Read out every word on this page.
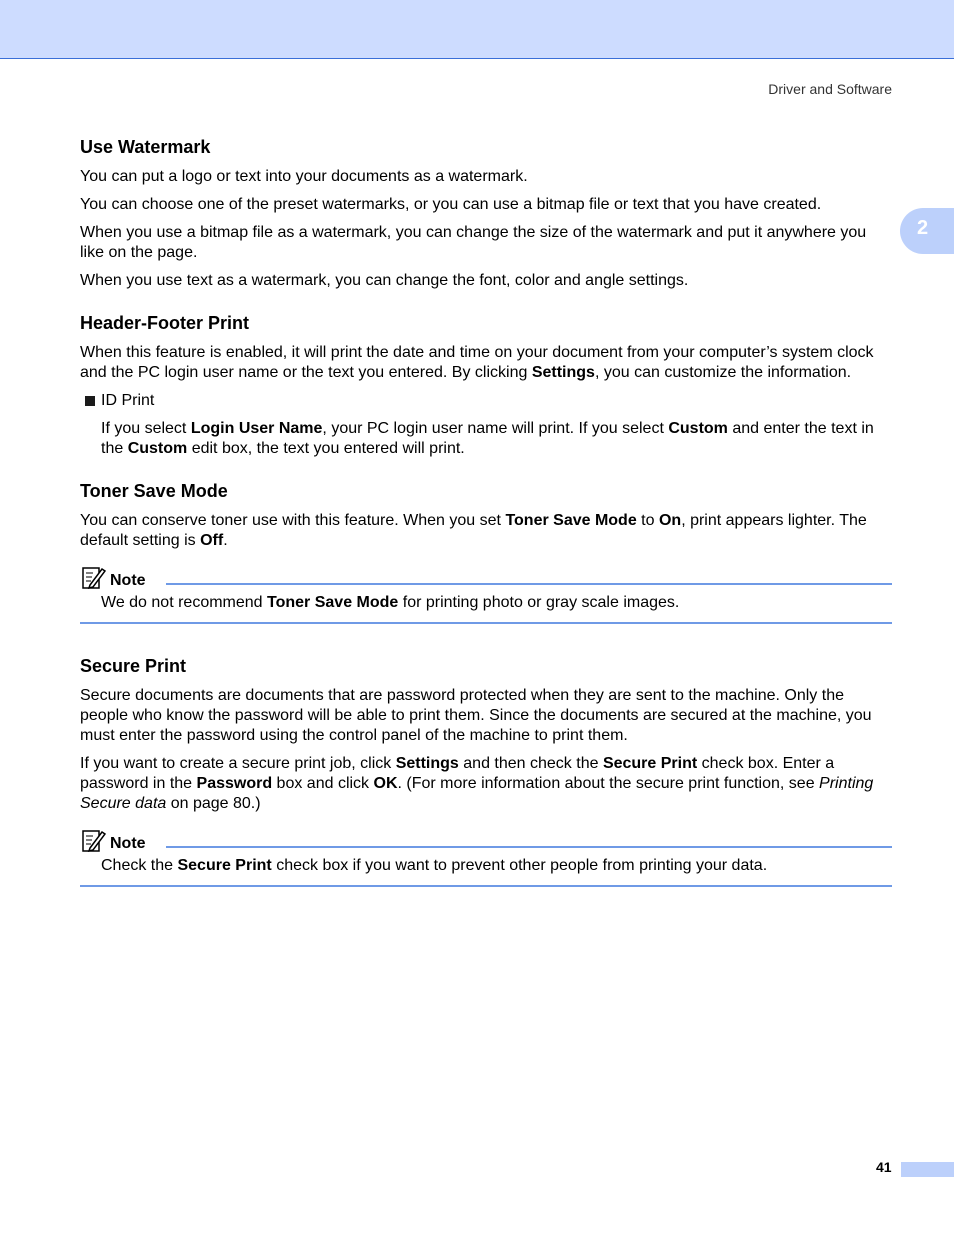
Driver and Software
2
Use Watermark

You can put a logo or text into your documents as a watermark.

You can choose one of the preset watermarks, or you can use a bitmap file or text that you have created.

When you use a bitmap file as a watermark, you can change the size of the watermark and put it anywhere you like on the page.

When you use text as a watermark, you can change the font, color and angle settings.

Header-Footer Print

When this feature is enabled, it will print the date and time on your document from your computer’s system clock and the PC login user name or the text you entered. By clicking Settings, you can customize the information.

ID Print

If you select Login User Name, your PC login user name will print. If you select Custom and enter the text in the Custom edit box, the text you entered will print.

Toner Save Mode

You can conserve toner use with this feature. When you set Toner Save Mode to On, print appears lighter. The default setting is Off.

Note
We do not recommend Toner Save Mode for printing photo or gray scale images.
Secure Print

Secure documents are documents that are password protected when they are sent to the machine. Only the people who know the password will be able to print them. Since the documents are secured at the machine, you must enter the password using the control panel of the machine to print them.

If you want to create a secure print job, click Settings and then check the Secure Print check box. Enter a password in the Password box and click OK. (For more information about the secure print function, see Printing Secure data on page 80.)

Note
Check the Secure Print check box if you want to prevent other people from printing your data.
41
